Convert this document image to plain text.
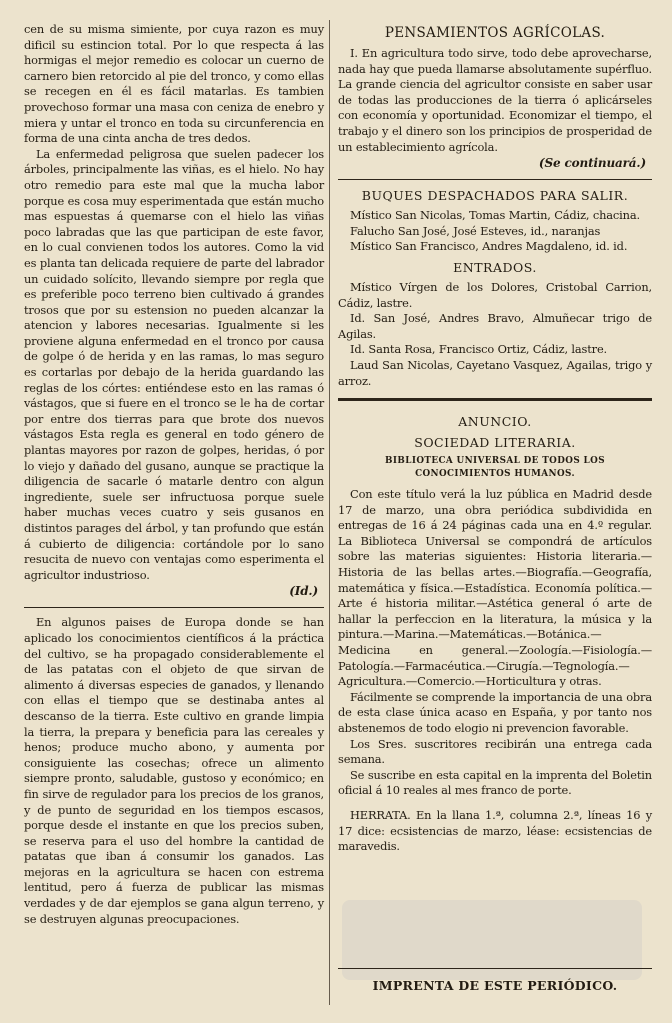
cen de su misma simiente, por cuya razon es muy dificil su estincion total. Por lo que respecta á las hormigas el mejor remedio es colocar un cuerno de carnero bien retorcido al pie del tronco, y como ellas se recegen en él es fácil matarlas. Es tambien provechoso formar una masa con ceniza de enebro y miera y untar el tronco en toda su circunferencia en forma de una cinta ancha de tres dedos.

La enfermedad peligrosa que suelen padecer los árboles, principalmente las viñas, es el hielo. No hay otro remedio para este mal que la mucha labor porque es cosa muy esperimentada que están mucho mas espuestas á quemarse con el hielo las viñas poco labradas que las que participan de este favor, en lo cual convienen todos los autores. Como la vid es planta tan delicada requiere de parte del labrador un cuidado solícito, llevando siempre por regla que es preferible poco terreno bien cultivado á grandes trosos que por su estension no pueden alcanzar la atencion y labores necesarias. Igualmente si les proviene alguna enfermedad en el tronco por causa de golpe ó de herida y en las ramas, lo mas seguro es cortarlas por debajo de la herida guardando las reglas de los córtes: entiéndese esto en las ramas ó vástagos, que si fuere en el tronco se le ha de cortar por entre dos tierras para que brote dos nuevos vástagos Esta regla es general en todo género de plantas mayores por razon de golpes, heridas, ó por lo viejo y dañado del gusano, aunque se practique la diligencia de sacarle ó matarle dentro con algun ingrediente, suele ser infructuosa porque suele haber muchas veces cuatro y seis gusanos en distintos parages del árbol, y tan profundo que están á cubierto de diligencia: cortándole por lo sano resucita de nuevo con ventajas como esperimenta el agricultor industrioso.

(Id.)

En algunos paises de Europa donde se han aplicado los conocimientos científicos á la práctica del cultivo, se ha propagado considerablemente el de las patatas con el objeto de que sirvan de alimento á diversas especies de ganados, y llenando con ellas el tiempo que se destinaba antes al descanso de la tierra. Este cultivo en grande limpia la tierra, la prepara y beneficia para las cereales y henos; produce mucho abono, y aumenta por consiguiente las cosechas; ofrece un alimento siempre pronto, saludable, gustoso y económico; en fin sirve de regulador para los precios de los granos, y de punto de seguridad en los tiempos escasos, porque desde el instante en que los precios suben, se reserva para el uso del hombre la cantidad de patatas que iban á consumir los ganados. Las mejoras en la agricultura se hacen con estrema lentitud, pero á fuerza de publicar las mismas verdades y de dar ejemplos se gana algun terreno, y se destruyen algunas preocupaciones.

PENSAMIENTOS AGRÍCOLAS.

I. En agricultura todo sirve, todo debe aprovecharse, nada hay que pueda llamarse absolutamente supérfluo. La grande ciencia del agricultor consiste en saber usar de todas las producciones de la tierra ó aplicárseles con economía y oportunidad. Economizar el tiempo, el trabajo y el dinero son los principios de prosperidad de un establecimiento agrícola.

(Se continuará.)

BUQUES DESPACHADOS PARA SALIR.

Místico San Nicolas, Tomas Martin, Cádiz, chacina.

Falucho San José, José Esteves, id., naranjas

Místico San Francisco, Andres Magdaleno, id. id.

ENTRADOS.

Místico Vírgen de los Dolores, Cristobal Carrion, Cádiz, lastre.

Id. San José, Andres Bravo, Almuñecar trigo de Agilas.

Id. Santa Rosa, Francisco Ortiz, Cádiz, lastre.

Laud San Nicolas, Cayetano Vasquez, Agailas, trigo y arroz.

ANUNCIO.
SOCIEDAD LITERARIA.
BIBLIOTECA UNIVERSAL DE TODOS LOS CONOCIMIENTOS HUMANOS.

Con este título verá la luz pública en Madrid desde 17 de marzo, una obra periódica subdividida en entregas de 16 á 24 páginas cada una en 4.º regular. La Biblioteca Universal se compondrá de artículos sobre las materias siguientes: Historia literaria.—Historia de las bellas artes.—Biografía.—Geografía, matemática y física.—Estadística. Economía política.—Arte é historia militar.—Astética general ó arte de hallar la perfeccion en la literatura, la música y la pintura.—Marina.—Matemáticas.—Botánica.—Medicina en general.—Zoología.—Fisiología.—Patología.—Farmacéutica.—Cirugía.—Tegnología.—Agricultura.—Comercio.—Horticultura y otras.

Fácilmente se comprende la importancia de una obra de esta clase única acaso en España, y por tanto nos abstenemos de todo elogio ni prevencion favorable.

Los Sres. suscritores recibirán una entrega cada semana.

Se suscribe en esta capital en la imprenta del Boletin oficial á 10 reales al mes franco de porte.

HERRATA. En la llana 1.ª, columna 2.ª, líneas 16 y 17 dice: ecsistencias de marzo, léase: ecsistencias de maravedis.

IMPRENTA DE ESTE PERIÓDICO.
